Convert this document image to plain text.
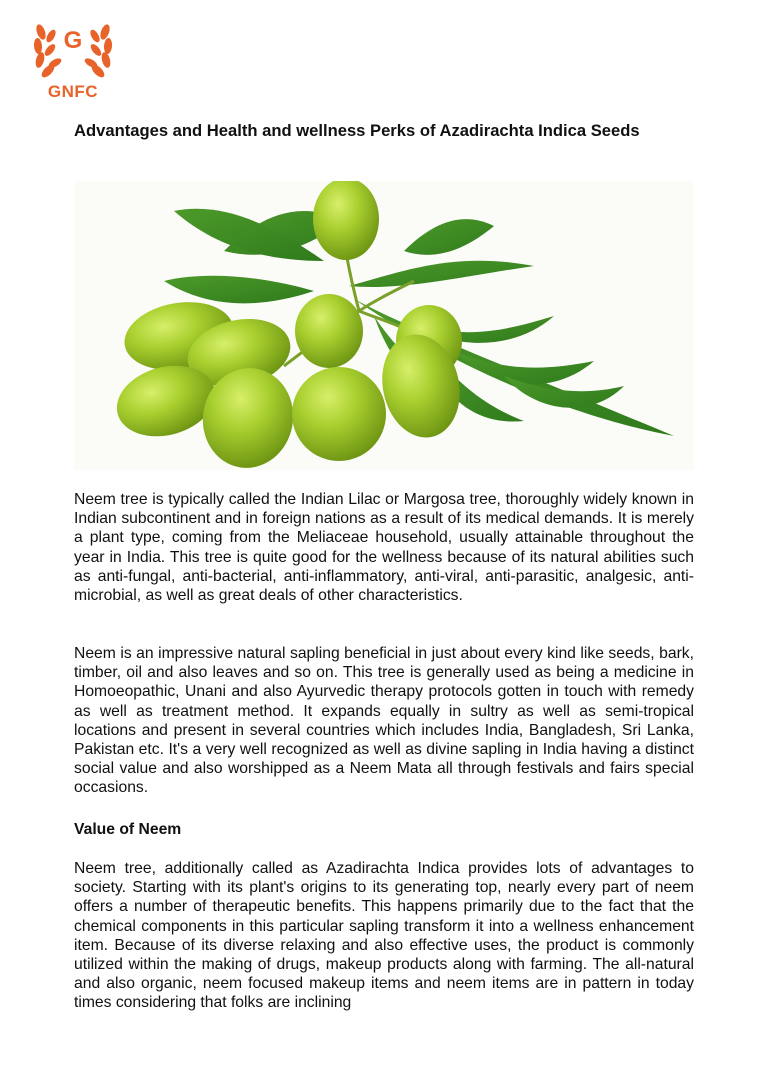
G
GNFC
Advantages and Health and wellness Perks of Azadirachta Indica Seeds

Neem tree is typically called the Indian Lilac or Margosa tree, thoroughly widely known in Indian subcontinent and in foreign nations as a result of its medical demands. It is merely a plant type, coming from the Meliaceae household, usually attainable throughout the year in India. This tree is quite good for the wellness because of its natural abilities such as anti-fungal, anti-bacterial, anti-inflammatory, anti-viral, anti-parasitic, analgesic, anti-microbial, as well as great deals of other characteristics.

Neem is an impressive natural sapling beneficial in just about every kind like seeds, bark, timber, oil and also leaves and so on. This tree is generally used as being a medicine in Homoeopathic, Unani and also Ayurvedic therapy protocols gotten in touch with remedy as well as treatment method. It expands equally in sultry as well as semi-tropical locations and present in several countries which includes India, Bangladesh, Sri Lanka, Pakistan etc. It's a very well recognized as well as divine sapling in India having a distinct social value and also worshipped as a Neem Mata all through festivals and fairs special occasions.

Value of Neem

Neem tree, additionally called as Azadirachta Indica provides lots of advantages to society. Starting with its plant's origins to its generating top, nearly every part of neem offers a number of therapeutic benefits. This happens primarily due to the fact that the chemical components in this particular sapling transform it into a wellness enhancement item. Because of its diverse relaxing and also effective uses, the product is commonly utilized within the making of drugs, makeup products along with farming. The all-natural and also organic, neem focused makeup items and neem items are in pattern in today times considering that folks are inclining
